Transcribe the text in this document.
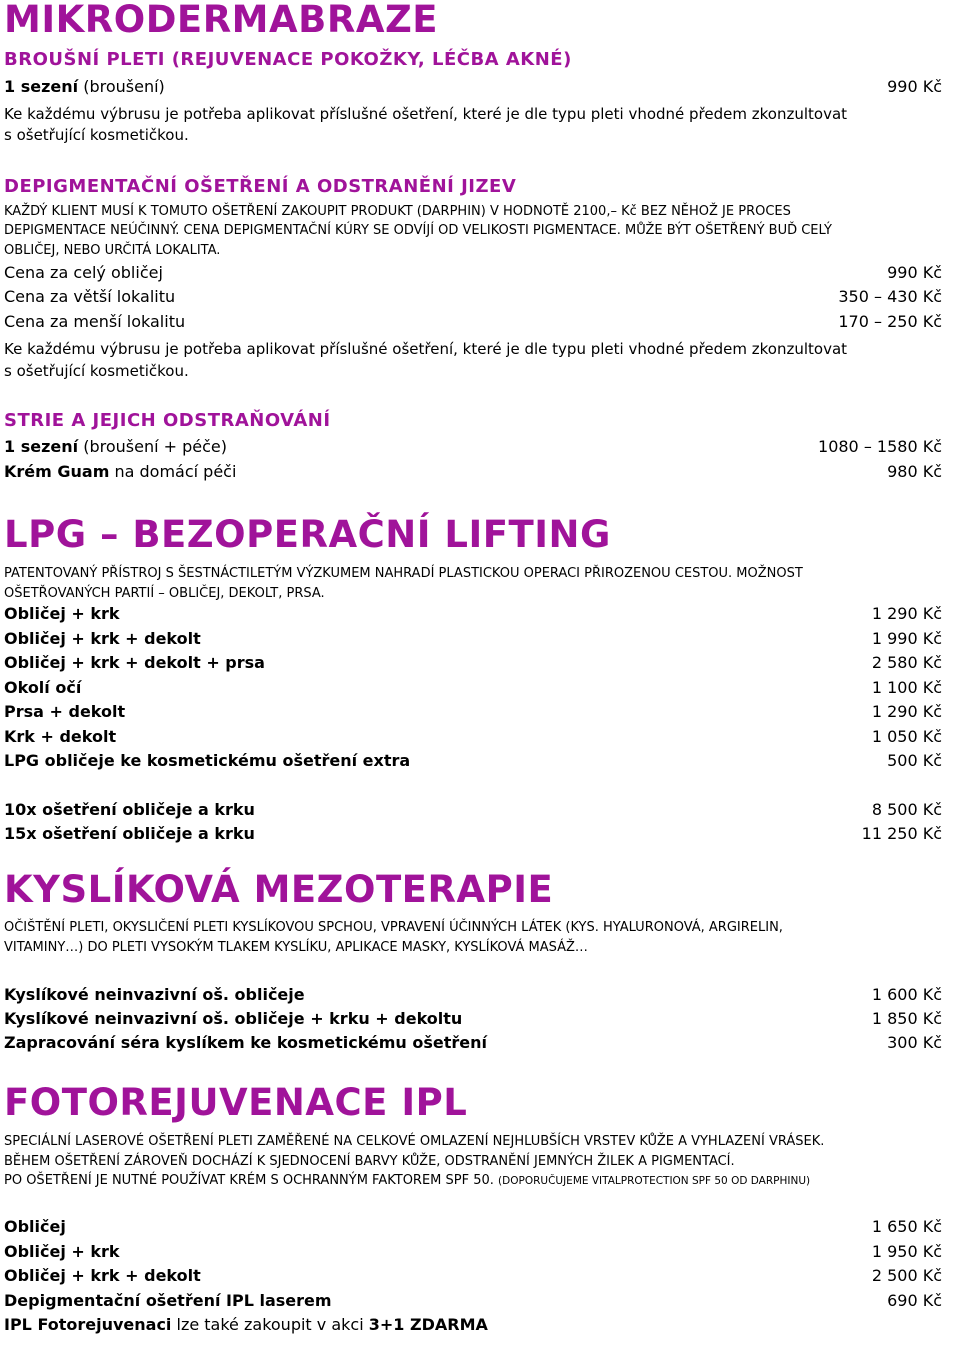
MIKRODERMABRAZE
BROUŠNÍ PLETI (REJUVENACE POKOŽKY, LÉČBA AKNÉ)
1 sezení (broušení)	990 Kč
Ke každému výbrusu je potřeba aplikovat příslušné ošetření, které je dle typu pleti vhodné předem zkonzultovat
s ošetřující kosmetičkou.
DEPIGMENTAČNÍ OŠETŘENÍ A ODSTRANĚNÍ JIZEV
KAŽDÝ KLIENT MUSÍ K TOMUTO OŠETŘENÍ ZAKOUPIT PRODUKT (DARPHIN) V HODNOTĚ 2100,– Kč BEZ NĚHOŽ JE PROCES
DEPIGMENTACE NEÚČINNÝ. CENA DEPIGMENTAČNÍ KÚRY SE ODVÍJÍ OD VELIKOSTI PIGMENTACE. MŮŽE BÝT OŠETŘENÝ BUĎ CELÝ
OBLIČEJ, NEBO URČITÁ LOKALITA.
Cena za celý obličej	990 Kč
Cena za větší lokalitu	350 – 430 Kč
Cena za menší lokalitu	170 – 250 Kč
Ke každému výbrusu je potřeba aplikovat příslušné ošetření, které je dle typu pleti vhodné předem zkonzultovat
s ošetřující kosmetičkou.
STRIE A JEJICH ODSTRAŇOVÁNÍ
1 sezení (broušení + péče)	1080 – 1580 Kč
Krém Guam na domácí péči	980 Kč
LPG – BEZOPERAČNÍ LIFTING
PATENTOVANÝ PŘÍSTROJ S ŠESTNÁCTILETÝM VÝZKUMEM NAHRADÍ PLASTICKOU OPERACI PŘIROZENOU CESTOU. MOŽNOST
OŠETŘOVANÝCH PARTIÍ – OBLIČEJ, DEKOLT, PRSA.
Obličej + krk	1 290 Kč
Obličej + krk + dekolt	1 990 Kč
Obličej + krk + dekolt + prsa	2 580 Kč
Okolí očí	1 100 Kč
Prsa + dekolt	1 290 Kč
Krk + dekolt	1 050 Kč
LPG obličeje ke kosmetickému ošetření extra	500 Kč
10x ošetření obličeje a krku	8 500 Kč
15x ošetření obličeje a krku	11 250 Kč
KYSLÍKOVÁ MEZOTERAPIE
OČIŠTĚNÍ PLETI, OKYSLIČENÍ PLETI KYSLÍKOVOU SPCHOU, VPRAVENÍ ÚČINNÝCH LÁTEK (KYS. HYALURONOVÁ, ARGIRELIN,
VITAMINY…) DO PLETI VYSOKÝM TLAKEM KYSLÍKU, APLIKACE MASKY, KYSLÍKOVÁ MASÁŽ…
Kyslíkové neinvazivní oš. obličeje	1 600 Kč
Kyslíkové neinvazivní oš. obličeje + krku + dekoltu	1 850 Kč
Zapracování séra kyslíkem ke kosmetickému ošetření	300 Kč
FOTOREJUVENACE IPL
SPECIÁLNÍ LASEROVÉ OŠETŘENÍ PLETI ZAMĚŘENÉ NA CELKOVÉ OMLAZENÍ NEJHLUBŠÍCH VRSTEV KŮŽE A VYHLAZENÍ VRÁSEK.
BĚHEM OŠETŘENÍ ZÁROVEŇ DOCHÁZÍ K SJEDNOCENÍ BARVY KŮŽE, ODSTRANĚNÍ JEMNÝCH ŽILEK A PIGMENTACÍ.
PO OŠETŘENÍ JE NUTNÉ POUŽÍVAT KRÉM S OCHRANNÝM FAKTOREM SPF 50. (DOPORUČUJEME VITALPROTECTION SPF 50 OD DARPHINU)
Obličej	1 650 Kč
Obličej + krk	1 950 Kč
Obličej + krk + dekolt	2 500 Kč
Depigmentační ošetření IPL laserem	690 Kč
IPL Fotorejuvenaci lze také zakoupit v akci 3+1 ZDARMA
